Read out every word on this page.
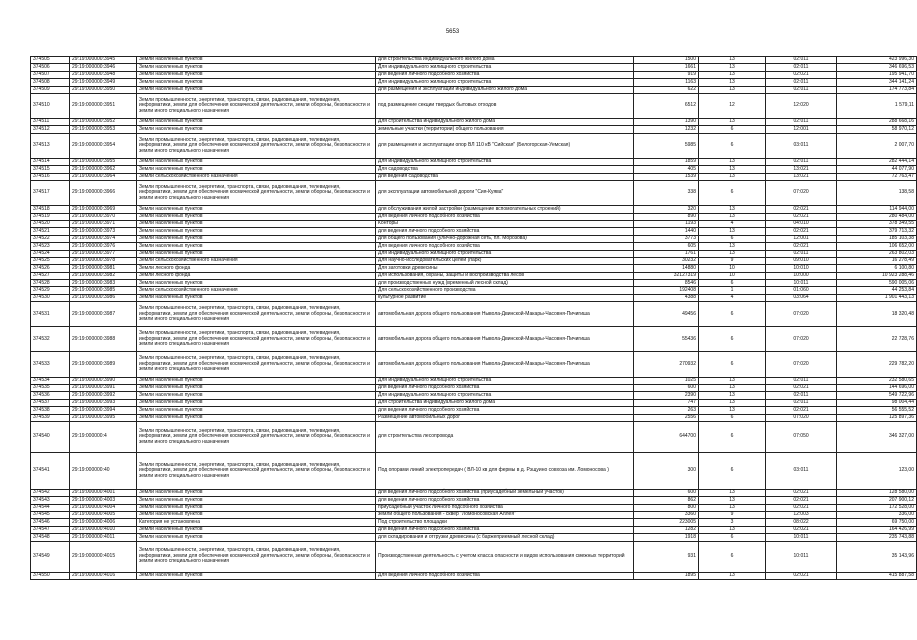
5653
374505	29:19:000000:3945	Земли населенных пунктов	для строительства индивидуального жилого дома	1500	13	02:011	423 996,30
374506	29:19:000000:3946	Земли населенных пунктов	Для индивидуального жилищного строительства	1661	13	02:011	346 696,53
374507	29:19:000000:3948	Земли населенных пунктов	для ведения личного подсобного хозяйства	919	13	02:021	195 941,70
374508	29:19:000000:3949	Земли населенных пунктов	Для индивидуального жилищного строительства	1163	13	02:011	344 141,24
374509	29:19:000000:3950	Земли населенных пунктов	для размещения и эксплуатации индивидуального жилого дома	622	13	02:011	174 773,84
374510	29:19:000000:3951	Земли промышленности, энергетики, транспорта, связи, радиовещания, телевидения, информатики, земли для обеспечения космической деятельности, земли обороны, безопасности и земли иного специального назначения	под размещение секции твердых бытовых отходов	6512	12	12:020	1 579,11
374511	29:19:000000:3952	Земли населенных пунктов	Для строительства индивидуального жилого дома	1390	13	02:011	288 668,16
374512	29:19:000000:3953	Земли населенных пунктов	земельные участки (территории) общего пользования	1232	6	12:001	58 970,12
374513	29:19:000000:3954	Земли промышленности, энергетики, транспорта, связи, радиовещания, телевидения, информатики, земли для обеспечения космической деятельности, земли обороны, безопасности и земли иного специального назначения	для размещения и эксплуатации опор ВЛ 110 кВ "Сийская" (Белогорская-Уемская)	5985	6	03:011	2 007,70
374514	29:19:000000:3955	Земли населенных пунктов	Для индивидуального жилищного строительства	1859	13	02:011	282 444,14
374515	29:19:000000:3962	Земли населенных пунктов	Для садоводства	405	13	13:021	44 077,90
374516	29:19:000000:3964	Земли сельскохозяйственного назначения	для ведения садоводства	1539	13	13:021	72 763,47
374517	29:19:000000:3966	Земли промышленности, энергетики, транспорта, связи, радиовещания, телевидения, информатики, земли для обеспечения космической деятельности, земли обороны, безопасности и земли иного специального назначения	для эксплуатации автомобильной дороги "Сия-Куява"	338	6	07:020	138,58
374518	29:19:000000:3969	Земли населенных пунктов	для обслуживания жилой застройки (размещение вспомогательных строений)	320	13	02:021	114 944,00
374519	29:19:000000:3970	Земли населенных пунктов	Для ведения личного подсобного хозяйства	890	13	02:021	280 484,00
374520	29:19:000000:3971	Земли населенных пунктов	Конторы	1193	4	04:010	378 349,55
374521	29:19:000000:3973	Земли населенных пунктов	для ведения личного подсобного хозяйства	1440	13	02:021	379 713,32
374522	29:19:000000:3974	Земли населенных пунктов	для общего пользования (уличнo-дорожная сеть, пл. Морозова)	3773	6	12:001	185 103,38
374523	29:19:000000:3976	Земли населенных пунктов	Для ведения личного подсобного хозяйства	605	13	02:021	106 652,00
374524	29:19:000000:3977	Земли населенных пунктов	Для индивидуального жилищного строительства	1761	13	02:011	263 802,03
374525	29:19:000000:3978	Земли сельскохозяйственного назначения	Для научно-исследовательских целей (парк)	30232	9	09:010	16 278,49
374526	29:19:000000:3981	Земли лесного фонда	Для заготовки древесины	14880	10	10:010	6 100,80
374527	29:19:000000:3982	Земли лесного фонда	Для использования, охраны, защиты и воспроизводства лесов	32127319	10	10:000	10 923 288,46
374528	29:19:000000:3983	Земли населенных пунктов	для производственных нужд (временный лесной склад)	8546	6	10:011	590 005,06
374529	29:19:000000:3985	Земли сельскохозяйственного назначения	Для сельскохозяйственного производства	192408	1	01:060	44 253,84
374530	29:19:000000:3986	Земли населенных пунктов	культурное развитие	4388	4	03:064	1 901 443,13
374531	29:19:000000:3987	Земли промышленности, энергетики, транспорта, связи, радиовещания, телевидения, информатики, земли для обеспечения космической деятельности, земли обороны, безопасности и земли иного специального назначения	автомобильная дорога общего пользования Нывола-Двинской-Макары-Часовня-Пичигиша	49456	6	07:020	18 320,48
374532	29:19:000000:3988	Земли промышленности, энергетики, транспорта, связи, радиовещания, телевидения, информатики, земли для обеспечения космической деятельности, земли обороны, безопасности и земли иного специального назначения	автомобильная дорога общего пользования Нывола-Двинской-Макары-Часовня-Пичигиша	55436	6	07:020	22 728,76
374533	29:19:000000:3989	Земли промышленности, энергетики, транспорта, связи, радиовещания, телевидения, информатики, земли для обеспечения космической деятельности, земли обороны, безопасности и земли иного специального назначения	автомобильная дорога общего пользования Нывола-Двинской-Макары-Часовня-Пичигиша	270932	6	07:020	229 782,20
374534	29:19:000000:3990	Земли населенных пунктов	Для индивидуального жилищного строительства	1025	13	02:011	232 580,65
374535	29:19:000000:3991	Земли населенных пунктов	для ведения личного подсобного хозяйства	600	13	02:021	144 696,00
374536	29:19:000000:3992	Земли населенных пунктов	Для индивидуального жилищного строительства	2390	13	02:011	549 722,96
374537	29:19:000000:3993	Земли населенных пунктов	Для строительства индивидуального жилого дома	747	13	02:011	98 004,44
374538	29:19:000000:3994	Земли населенных пунктов	для ведения личного подсобного хозяйства	263	13	02:021	56 555,52
374539	29:19:000000:3995	Земли населенных пунктов	Размещение автомобильных дорог	2556	6	07:020	125 897,36
374540	29:19:000000:4	Земли промышленности, энергетики, транспорта, связи, радиовещания, телевидения, информатики, земли для обеспечения космической деятельности, земли обороны, безопасности и земли иного специального назначения	для строительства лесопровода	644700	6	07:050	346 327,00
374541	29:19:000000:40	Земли промышленности, энергетики, транспорта, связи, радиовещания, телевидения, информатики, земли для обеспечения космической деятельности, земли обороны, безопасности и земли иного специального назначения	Под опорами линий электропередач ( ВЛ-10 кв для фермы в д. Рэщуино совхоза им. Ломоносова )	300	6	03:011	123,00
374542	29:19:000000:4001	Земли населенных пунктов	для ведения личного подсобного хозяйства (приусадебный земельный участок)	600	13	02:021	128 580,00
374543	29:19:000000:4003	Земли населенных пунктов	для ведения личного подсобного хозяйства	862	13	02:021	207 900,12
374544	29:19:000000:4004	Земли населенных пунктов	приусадебный участок личного подсобного хозяйства	800	13	02:021	172 528,00
374545	29:19:000000:4005	Земли населенных пунктов	земли общего пользования - сквер "Ломоносовская Аллея"	3360	9	12:003	336,00
374546	29:19:000000:4006	Категория не установлена	Под строительство площадки	223005	3	08:022	69 750,00
374547	29:19:000000:4010	Земли населенных пунктов	для ведения личного подсобного хозяйства	1282	13	02:021	164 426,99
374548	29:19:000000:4011	Земли населенных пунктов	для складирования и отгрузки древесины (с баржеприемный лесной склад)	1918	6	10:011	235 743,88
374549	29:19:000000:4015	Земли промышленности, энергетики, транспорта, связи, радиовещания, телевидения, информатики, земли для обеспечения космической деятельности, земли обороны, безопасности и земли иного специального назначения	Производственная деятельность с учетом класса опасности и видов использования смежных территорий	931	6	10:011	35 143,96
374550	29:19:000000:4016	Земли населенных пунктов	Для ведения личного подсобного хозяйства	1895	13	02:021	415 887,58
